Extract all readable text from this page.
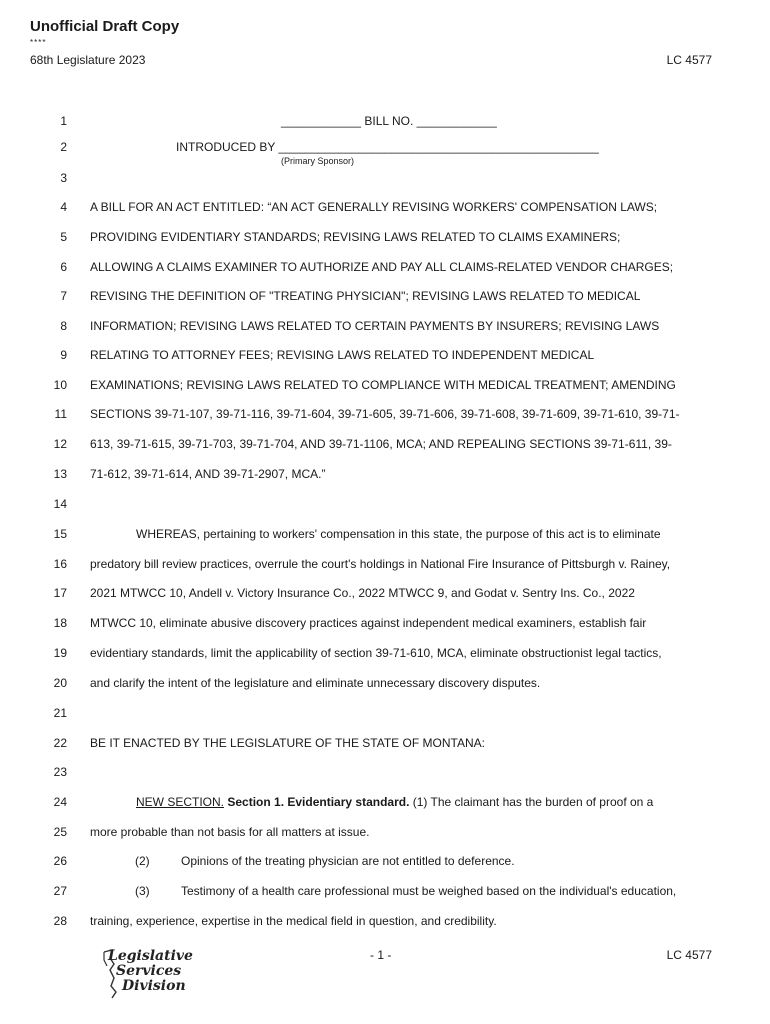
Unofficial Draft Copy
****
68th Legislature 2023	LC 4577
1
2
3
4
5
6
7
8
9
10
11
12
13
14
15
16
17
18
19
20
21
22
23
24
25
26
27
28
____________ BILL NO. ____________
INTRODUCED BY ________________________________________________
(Primary Sponsor)
A BILL FOR AN ACT ENTITLED: “AN ACT GENERALLY REVISING WORKERS' COMPENSATION LAWS;
PROVIDING EVIDENTIARY STANDARDS; REVISING LAWS RELATED TO CLAIMS EXAMINERS;
ALLOWING A CLAIMS EXAMINER TO AUTHORIZE AND PAY ALL CLAIMS-RELATED VENDOR CHARGES;
REVISING THE DEFINITION OF "TREATING PHYSICIAN"; REVISING LAWS RELATED TO MEDICAL
INFORMATION; REVISING LAWS RELATED TO CERTAIN PAYMENTS BY INSURERS; REVISING LAWS
RELATING TO ATTORNEY FEES; REVISING LAWS RELATED TO INDEPENDENT MEDICAL
EXAMINATIONS; REVISING LAWS RELATED TO COMPLIANCE WITH MEDICAL TREATMENT; AMENDING
SECTIONS 39-71-107, 39-71-116, 39-71-604, 39-71-605, 39-71-606, 39-71-608, 39-71-609, 39-71-610, 39-71-
613, 39-71-615, 39-71-703, 39-71-704, AND 39-71-1106, MCA; AND REPEALING SECTIONS 39-71-611, 39-
71-612, 39-71-614, AND 39-71-2907, MCA.”
WHEREAS, pertaining to workers' compensation in this state, the purpose of this act is to eliminate
predatory bill review practices, overrule the court's holdings in National Fire Insurance of Pittsburgh v. Rainey,
2021 MTWCC 10, Andell v. Victory Insurance Co., 2022 MTWCC 9, and Godat v. Sentry Ins. Co., 2022
MTWCC 10, eliminate abusive discovery practices against independent medical examiners, establish fair
evidentiary standards, limit the applicability of section 39-71-610, MCA, eliminate obstructionist legal tactics,
and clarify the intent of the legislature and eliminate unnecessary discovery disputes.
BE IT ENACTED BY THE LEGISLATURE OF THE STATE OF MONTANA:
NEW SECTION. Section 1. Evidentiary standard. (1) The claimant has the burden of proof on a
more probable than not basis for all matters at issue.
(2)	Opinions of the treating physician are not entitled to deference.
(3)	Testimony of a health care professional must be weighed based on the individual's education,
training, experience, expertise in the medical field in question, and credibility.
Legislative
Services
Division
- 1 -	LC 4577
